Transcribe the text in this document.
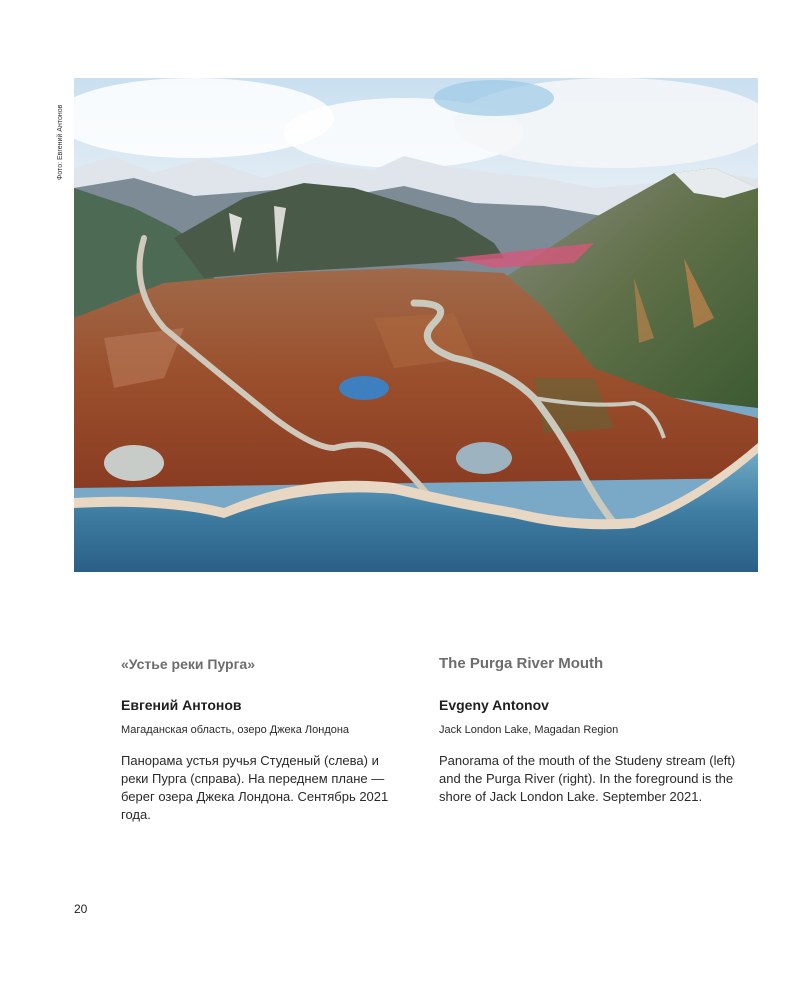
Фото: Евгений Антонов
«Устье реки Пурга»
Евгений Антонов
Магаданская область, озеро Джека Лондона

Панорама устья ручья Студеный (слева) и реки Пурга (справа). На переднем плане — берег озера Джека Лондона. Сентябрь 2021 года.

The Purga River Mouth
Evgeny Antonov
Jack London Lake, Magadan Region

Panorama of the mouth of the Studeny stream (left) and the Purga River (right). In the foreground is the shore of Jack London Lake. September 2021.

20
